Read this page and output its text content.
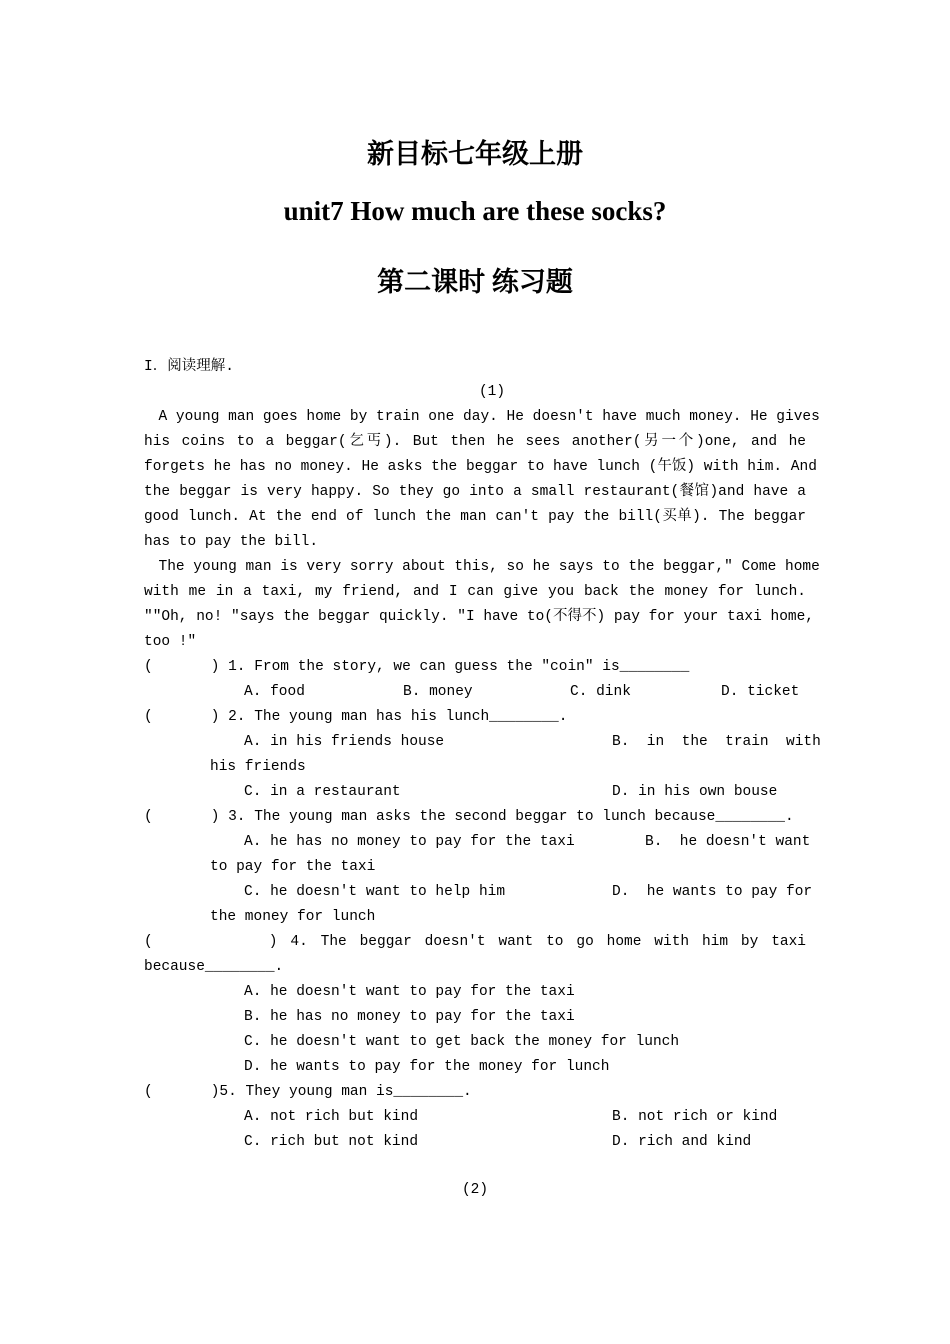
新目标七年级上册
unit7 How much are these socks?
第二课时 练习题
I．阅读理解.
(1)
　A young man goes home by train one day. He doesn't have much money. He gives
his coins to a beggar(乞丐). But then he sees another(另一个)one, and he
forgets he has no money. He asks the beggar to have lunch (午饭) with him. And
the beggar is very happy. So they go into a small restaurant(餐馆)and have a
good lunch. At the end of lunch the man can't pay the bill(买单). The beggar
has to pay the bill.
　The young man is very sorry about this, so he says to the beggar," Come home
with me in a taxi, my friend, and I can give you back the money for lunch.
""Oh, no! "says the beggar quickly. "I have to(不得不) pay for your taxi home,
too !"
(　　　　) 1. From the story, we can guess the "coin" is________
A. food	B. money	C. dink	D. ticket
(　　　　) 2. The young man has his lunch________.
A. in his friends house	B.  in  the  train  with
his friends
C. in a restaurant	D. in his own bouse
(　　　　) 3. The young man asks the second beggar to lunch because________.
A. he has no money to pay for the taxi	B.  he doesn't want
to pay for the taxi
C. he doesn't want to help him	D.  he wants to pay for
the money for lunch
(　　　　　　) 4. The beggar doesn't want to go home with him by taxi
because________.
A. he doesn't want to pay for the taxi
B. he has no money to pay for the taxi
C. he doesn't want to get back the money for lunch
D. he wants to pay for the money for lunch
(　　　　)5. They young man is________.
A. not rich but kind	B. not rich or kind
C. rich but not kind	D. rich and kind
(2)
